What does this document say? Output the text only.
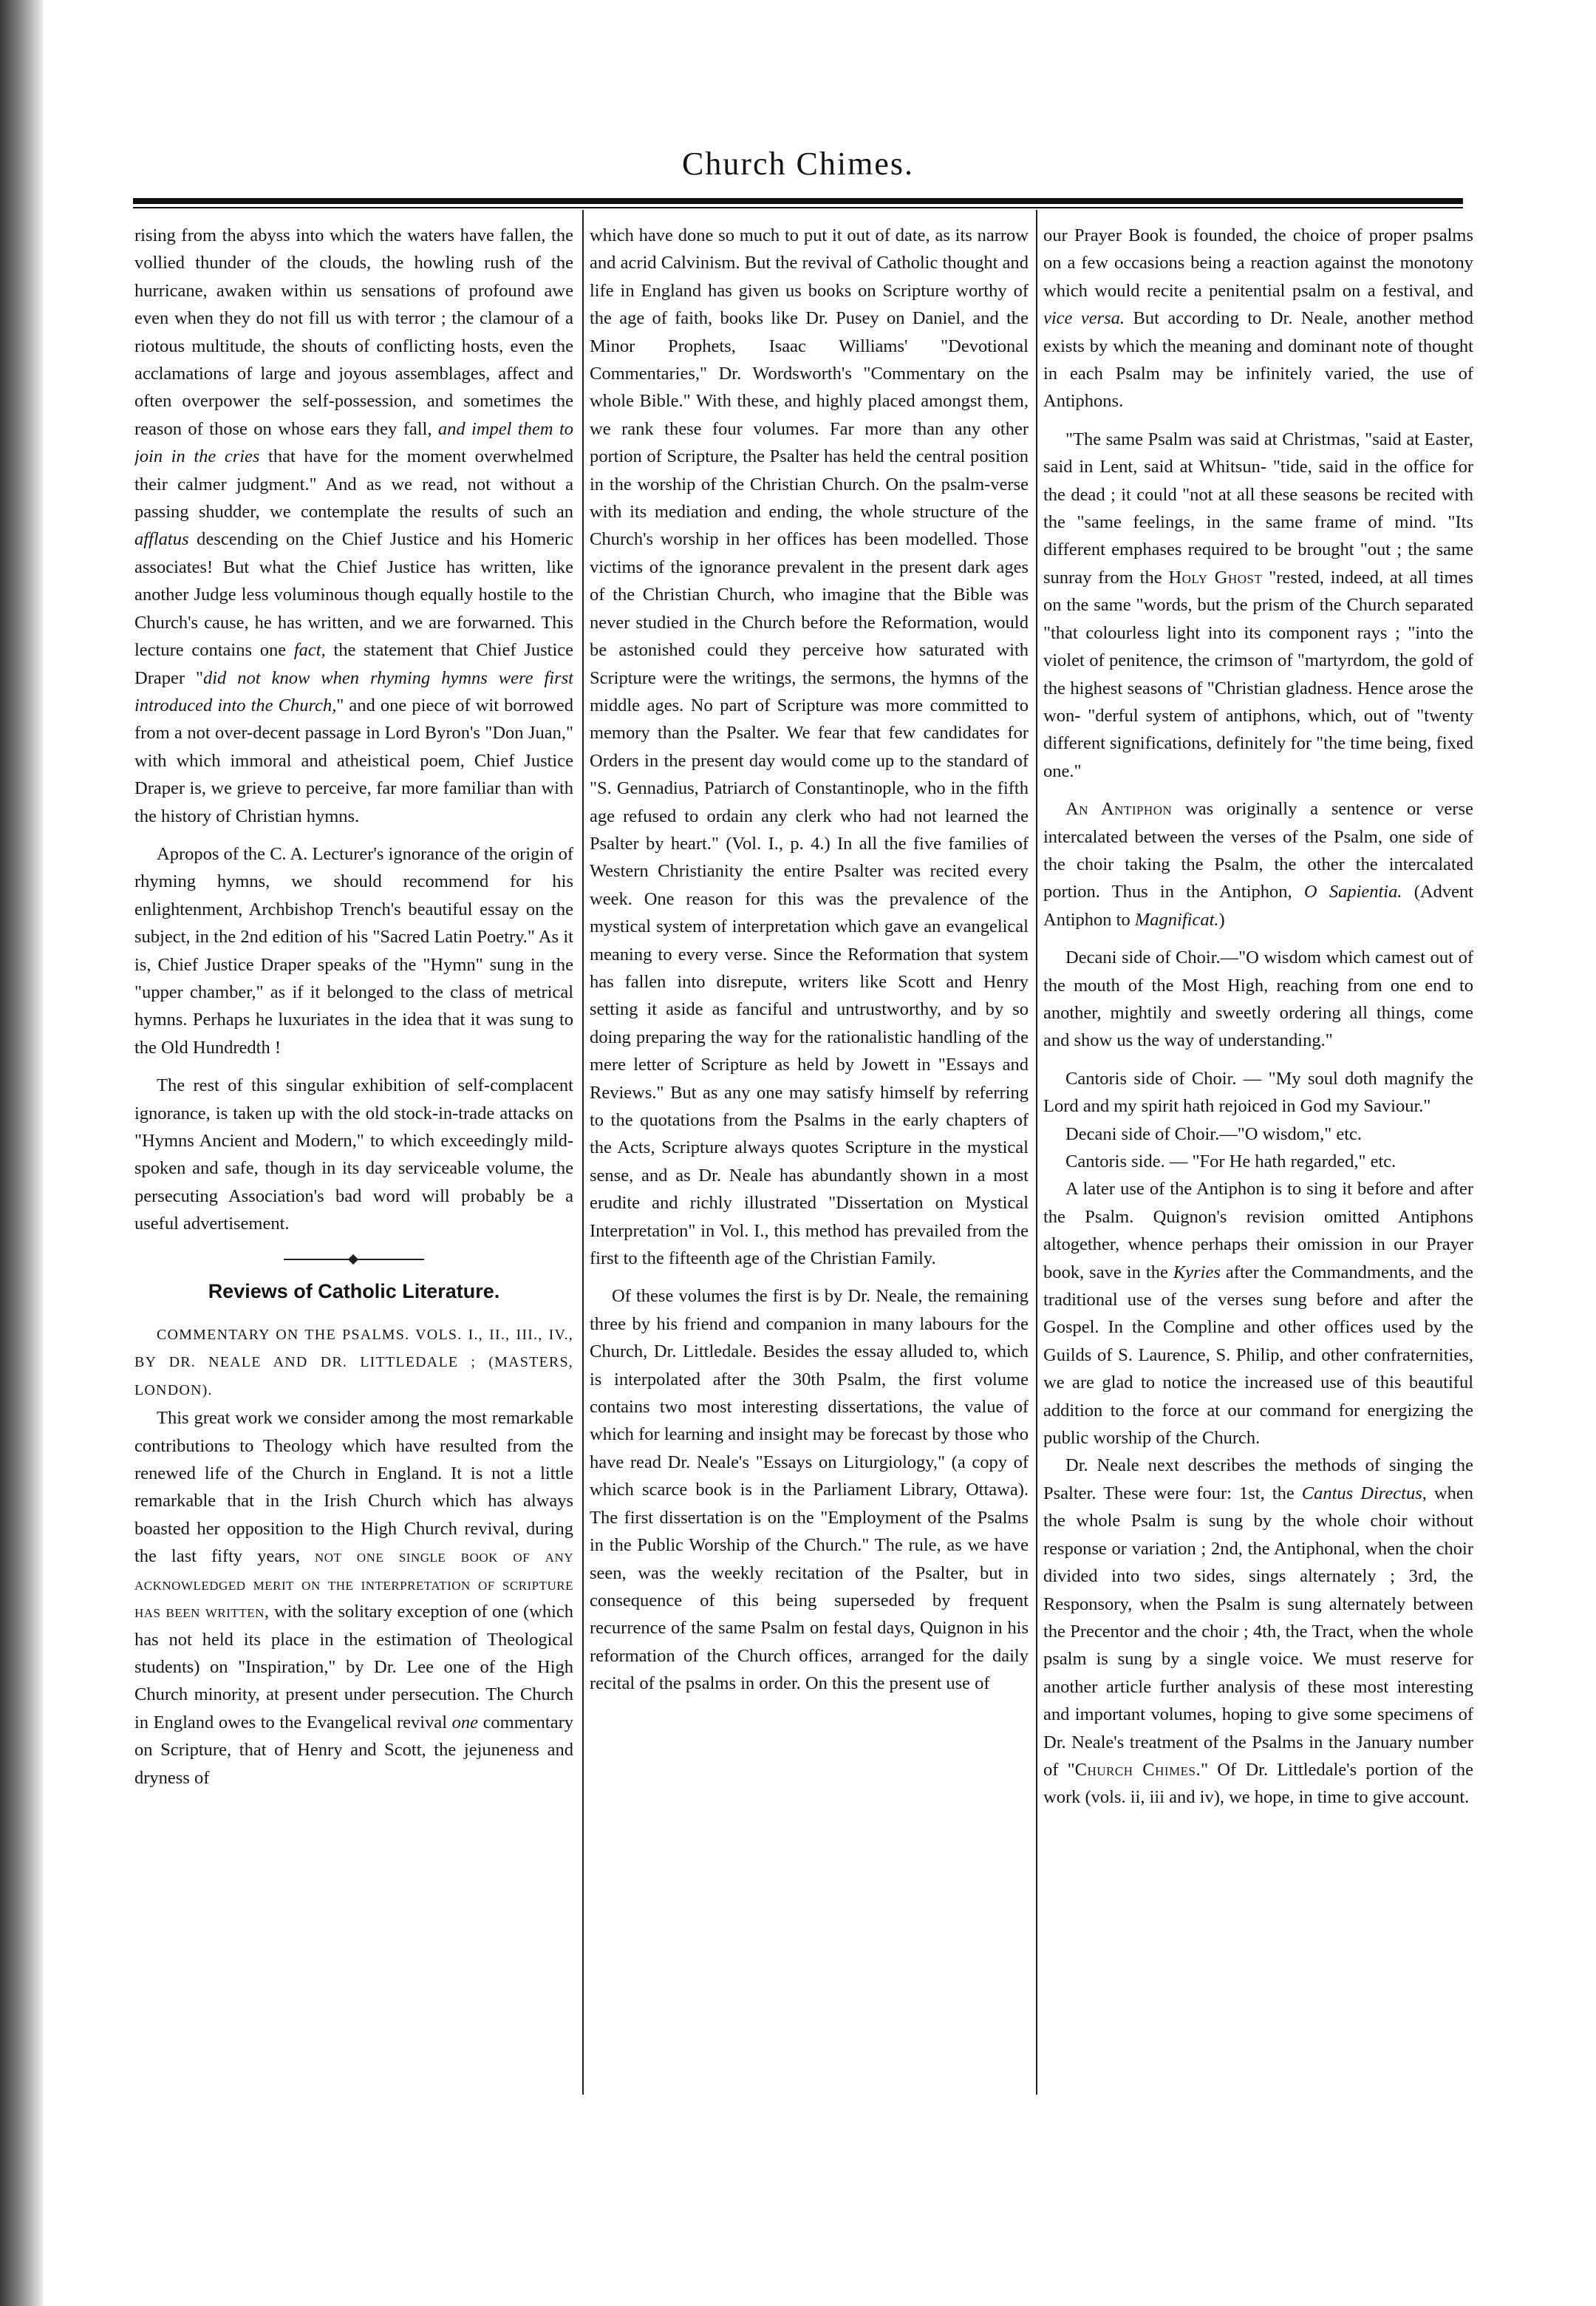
Church Chimes.

rising from the abyss into which the waters have fallen, the vollied thunder of the clouds, the howling rush of the hurricane, awaken within us sensations of profound awe even when they do not fill us with terror ; the clamour of a riotous multitude, the shouts of conflicting hosts, even the acclamations of large and joyous assemblages, affect and often overpower the self-possession, and sometimes the reason of those on whose ears they fall, and impel them to join in the cries that have for the moment overwhelmed their calmer judgment." And as we read, not without a passing shudder, we contemplate the results of such an afflatus descending on the Chief Justice and his Homeric associates! But what the Chief Justice has written, like another Judge less voluminous though equally hostile to the Church's cause, he has written, and we are forwarned. This lecture contains one fact, the statement that Chief Justice Draper "did not know when rhyming hymns were first introduced into the Church," and one piece of wit borrowed from a not over-decent passage in Lord Byron's "Don Juan," with which immoral and atheistical poem, Chief Justice Draper is, we grieve to perceive, far more familiar than with the history of Christian hymns.

Apropos of the C. A. Lecturer's ignorance of the origin of rhyming hymns, we should recommend for his enlightenment, Archbishop Trench's beautiful essay on the subject, in the 2nd edition of his "Sacred Latin Poetry." As it is, Chief Justice Draper speaks of the "Hymn" sung in the "upper chamber," as if it belonged to the class of metrical hymns. Perhaps he luxuriates in the idea that it was sung to the Old Hundredth !

The rest of this singular exhibition of self-complacent ignorance, is taken up with the old stock-in-trade attacks on "Hymns Ancient and Modern," to which exceedingly mild-spoken and safe, though in its day serviceable volume, the persecuting Association's bad word will probably be a useful advertisement.

Reviews of Catholic Literature.

COMMENTARY ON THE PSALMS. VOLS. I., II., III., IV., BY DR. NEALE AND DR. LITTLEDALE ; (MASTERS, LONDON).

This great work we consider among the most remarkable contributions to Theology which have resulted from the renewed life of the Church in England. It is not a little remarkable that in the Irish Church which has always boasted her opposition to the High Church revival, during the last fifty years, not one single book of any acknowledged merit on the interpretation of scripture has been written, with the solitary exception of one (which has not held its place in the estimation of Theological students) on "Inspiration," by Dr. Lee one of the High Church minority, at present under persecution. The Church in England owes to the Evangelical revival one commentary on Scripture, that of Henry and Scott, the jejuneness and dryness of

which have done so much to put it out of date, as its narrow and acrid Calvinism. But the revival of Catholic thought and life in England has given us books on Scripture worthy of the age of faith, books like Dr. Pusey on Daniel, and the Minor Prophets, Isaac Williams' "Devotional Commentaries," Dr. Wordsworth's "Commentary on the whole Bible." With these, and highly placed amongst them, we rank these four volumes. Far more than any other portion of Scripture, the Psalter has held the central position in the worship of the Christian Church. On the psalm-verse with its mediation and ending, the whole structure of the Church's worship in her offices has been modelled. Those victims of the ignorance prevalent in the present dark ages of the Christian Church, who imagine that the Bible was never studied in the Church before the Reformation, would be astonished could they perceive how saturated with Scripture were the writings, the sermons, the hymns of the middle ages. No part of Scripture was more committed to memory than the Psalter. We fear that few candidates for Orders in the present day would come up to the standard of "S. Gennadius, Patriarch of Constantinople, who in the fifth age refused to ordain any clerk who had not learned the Psalter by heart." (Vol. I., p. 4.) In all the five families of Western Christianity the entire Psalter was recited every week. One reason for this was the prevalence of the mystical system of interpretation which gave an evangelical meaning to every verse. Since the Reformation that system has fallen into disrepute, writers like Scott and Henry setting it aside as fanciful and untrustworthy, and by so doing preparing the way for the rationalistic handling of the mere letter of Scripture as held by Jowett in "Essays and Reviews." But as any one may satisfy himself by referring to the quotations from the Psalms in the early chapters of the Acts, Scripture always quotes Scripture in the mystical sense, and as Dr. Neale has abundantly shown in a most erudite and richly illustrated "Dissertation on Mystical Interpretation" in Vol. I., this method has prevailed from the first to the fifteenth age of the Christian Family.

Of these volumes the first is by Dr. Neale, the remaining three by his friend and companion in many labours for the Church, Dr. Littledale. Besides the essay alluded to, which is interpolated after the 30th Psalm, the first volume contains two most interesting dissertations, the value of which for learning and insight may be forecast by those who have read Dr. Neale's "Essays on Liturgiology," (a copy of which scarce book is in the Parliament Library, Ottawa). The first dissertation is on the "Employment of the Psalms in the Public Worship of the Church." The rule, as we have seen, was the weekly recitation of the Psalter, but in consequence of this being superseded by frequent recurrence of the same Psalm on festal days, Quignon in his reformation of the Church offices, arranged for the daily recital of the psalms in order. On this the present use of

our Prayer Book is founded, the choice of proper psalms on a few occasions being a reaction against the monotony which would recite a penitential psalm on a festival, and vice versa. But according to Dr. Neale, another method exists by which the meaning and dominant note of thought in each Psalm may be infinitely varied, the use of Antiphons.

"The same Psalm was said at Christmas, "said at Easter, said in Lent, said at Whitsun- "tide, said in the office for the dead ; it could "not at all these seasons be recited with the "same feelings, in the same frame of mind. "Its different emphases required to be brought "out ; the same sunray from the Holy Ghost "rested, indeed, at all times on the same "words, but the prism of the Church separated "that colourless light into its component rays ; "into the violet of penitence, the crimson of "martyrdom, the gold of the highest seasons of "Christian gladness. Hence arose the won- "derful system of antiphons, which, out of "twenty different significations, definitely for "the time being, fixed one."

An Antiphon was originally a sentence or verse intercalated between the verses of the Psalm, one side of the choir taking the Psalm, the other the intercalated portion. Thus in the Antiphon, O Sapientia. (Advent Antiphon to Magnificat.)

Decani side of Choir.—"O wisdom which camest out of the mouth of the Most High, reaching from one end to another, mightily and sweetly ordering all things, come and show us the way of understanding."

Cantoris side of Choir. — "My soul doth magnify the Lord and my spirit hath rejoiced in God my Saviour."

Decani side of Choir.—"O wisdom," etc.

Cantoris side. — "For He hath regarded," etc.

A later use of the Antiphon is to sing it before and after the Psalm. Quignon's revision omitted Antiphons altogether, whence perhaps their omission in our Prayer book, save in the Kyries after the Commandments, and the traditional use of the verses sung before and after the Gospel. In the Compline and other offices used by the Guilds of S. Laurence, S. Philip, and other confraternities, we are glad to notice the increased use of this beautiful addition to the force at our command for energizing the public worship of the Church.

Dr. Neale next describes the methods of singing the Psalter. These were four: 1st, the Cantus Directus, when the whole Psalm is sung by the whole choir without response or variation ; 2nd, the Antiphonal, when the choir divided into two sides, sings alternately ; 3rd, the Responsory, when the Psalm is sung alternately between the Precentor and the choir ; 4th, the Tract, when the whole psalm is sung by a single voice. We must reserve for another article further analysis of these most interesting and important volumes, hoping to give some specimens of Dr. Neale's treatment of the Psalms in the January number of "Church Chimes." Of Dr. Littledale's portion of the work (vols. ii, iii and iv), we hope, in time to give account.
